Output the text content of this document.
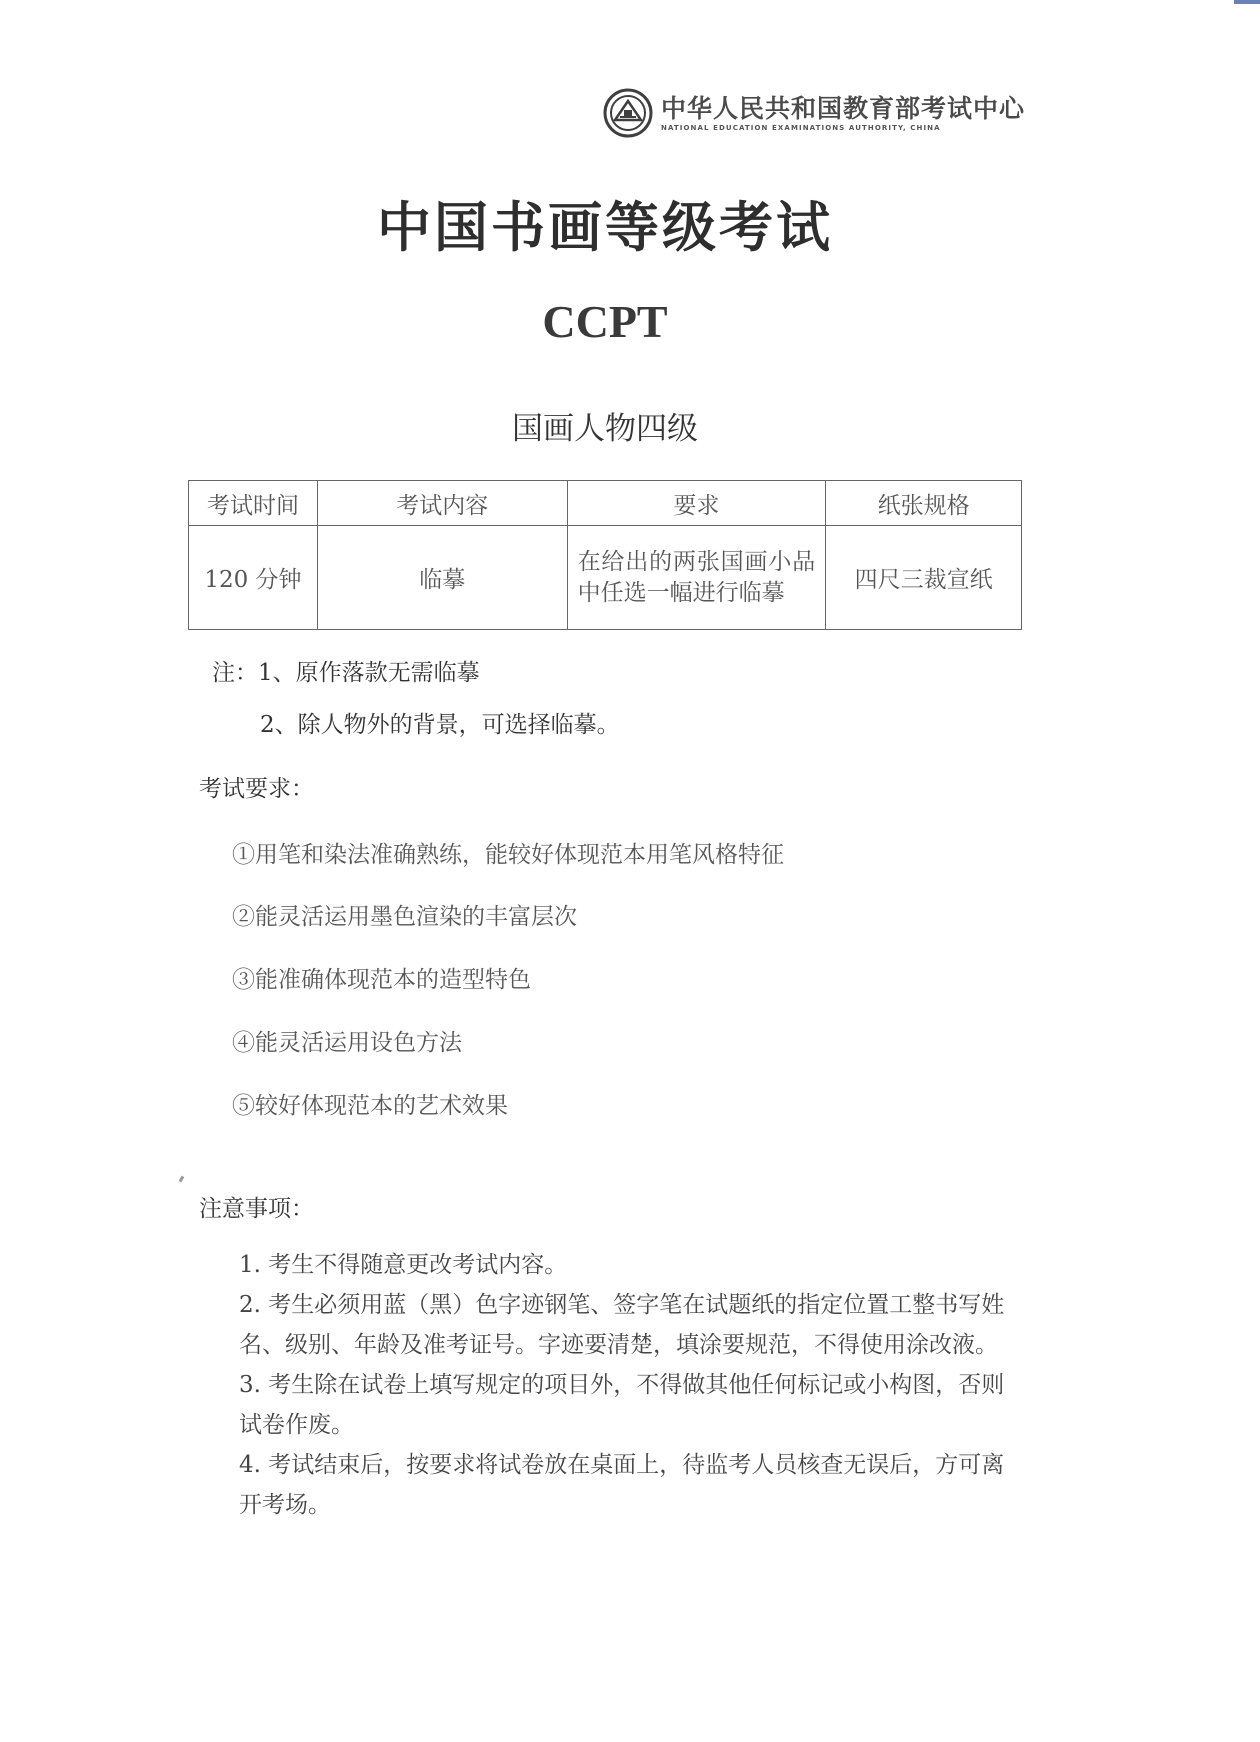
中华人民共和国教育部考试中心
NATIONAL EDUCATION EXAMINATIONS AUTHORITY, CHINA
中国书画等级考试
CCPT
国画人物四级
考试时间	考试内容	要求	纸张规格
120 分钟	临摹	在给出的两张国画小品中任选一幅进行临摹	四尺三裁宣纸
注：1、原作落款无需临摹
2、除人物外的背景，可选择临摹。
考试要求：
①用笔和染法准确熟练，能较好体现范本用笔风格特征
②能灵活运用墨色渲染的丰富层次
③能准确体现范本的造型特色
④能灵活运用设色方法
⑤较好体现范本的艺术效果
注意事项：

1. 考生不得随意更改考试内容。

2. 考生必须用蓝（黑）色字迹钢笔、签字笔在试题纸的指定位置工整书写姓名、级别、年龄及准考证号。字迹要清楚，填涂要规范，不得使用涂改液。

3. 考生除在试卷上填写规定的项目外，不得做其他任何标记或小构图，否则试卷作废。

4. 考试结束后，按要求将试卷放在桌面上，待监考人员核查无误后，方可离开考场。
